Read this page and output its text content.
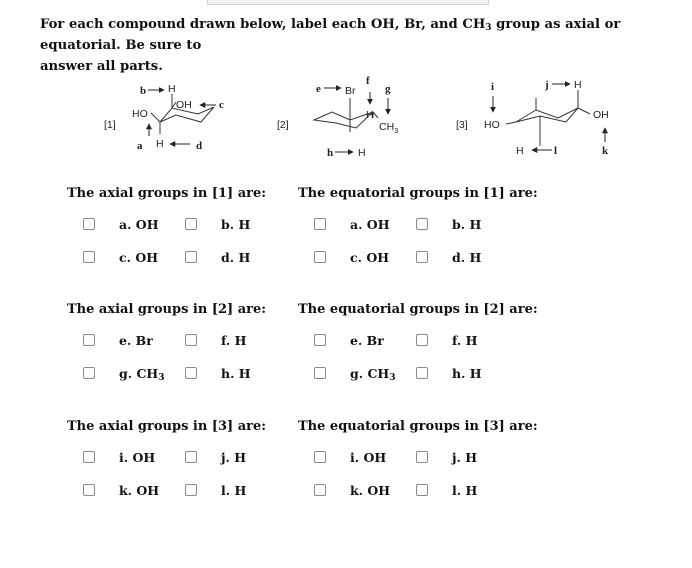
For each compound drawn below, label each OH, Br, and $CH_3$ group as axial or equatorial. Be sure to
answer all parts.
[1]
HO
H
H
OH
b
c
a	d
[2]
Br
H
$CH_3$
H
e
f
g
h
[3] HO
H
OH
H
i	j
k
l
The axial groups in [1] are:
a. OH	b. H
c. OH	d. H
The equatorial groups in [1] are:
a. OH	b. H
c. OH	d. H
The axial groups in [2] are:
e. Br	f. H
g. $CH_3$	h. H
The equatorial groups in [2] are:
e. Br	f. H
g. $CH_3$	h. H
The axial groups in [3] are:
i. OH	j. H
k. OH	l. H
The equatorial groups in [3] are:
i. OH	j. H
k. OH	l. H
